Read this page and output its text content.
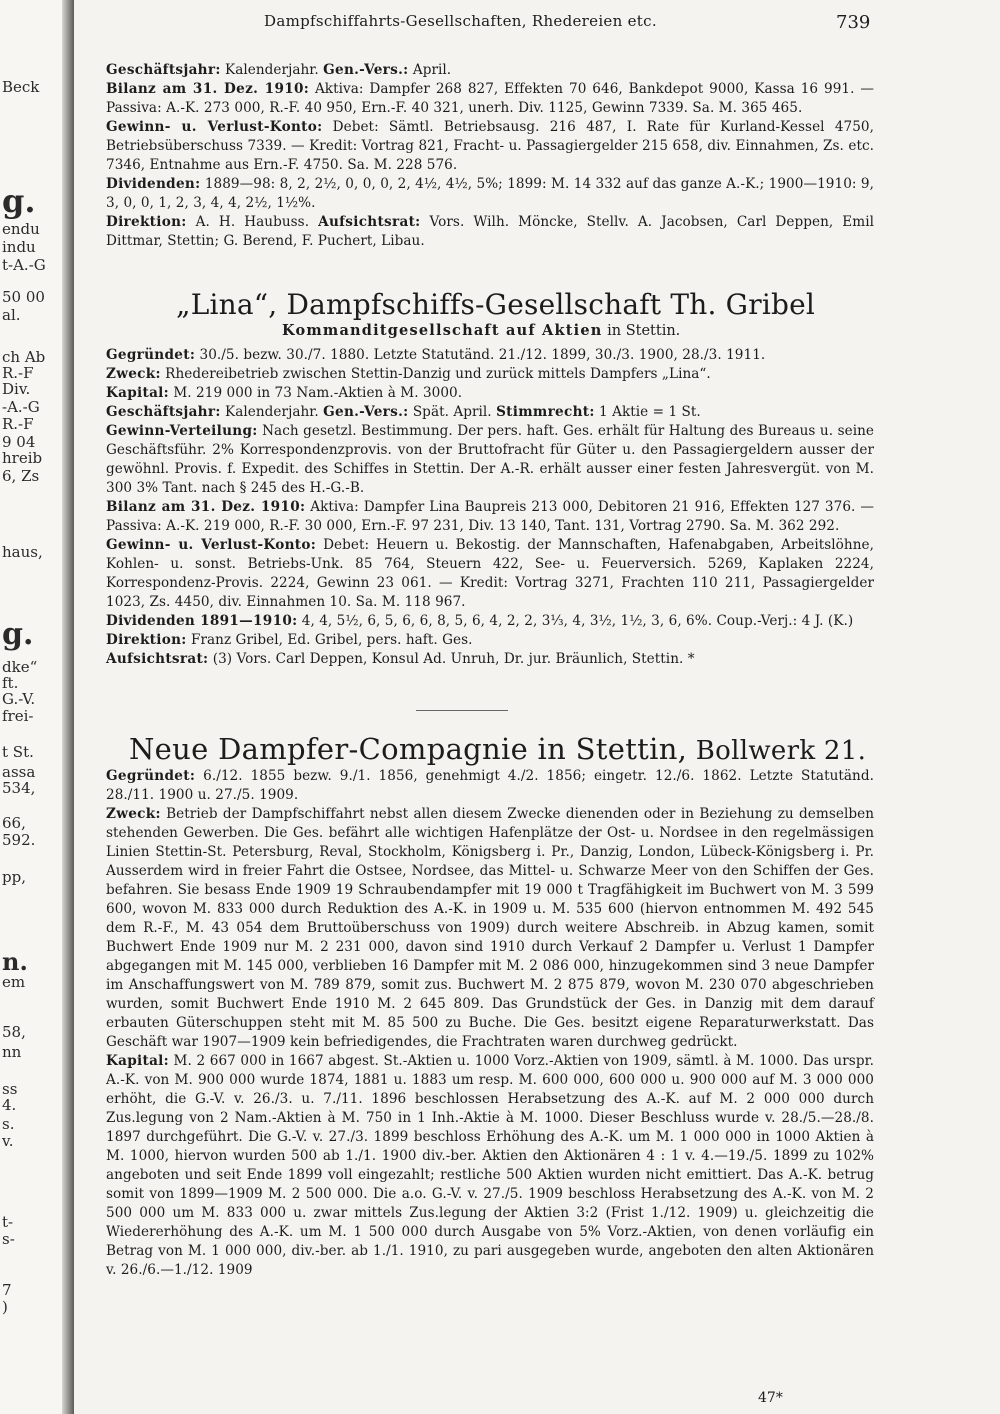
Beck
g.
endu
indu
t-A.-G
50 00
al.
ch Ab
R.-F
Div.
-A.-G
R.-F
9 04
hreib
6, Zs
haus,
g.
dke“
ft.
G.-V.
frei-
t St.
assa
534,
66,
592.
pp,
n.
em
58,
nn
ss
4.
s.
v.
t-
s-
7
)
Dampfschiffahrts-Gesellschaften, Rhedereien etc.	739

Geschäftsjahr: Kalenderjahr. Gen.-Vers.: April.
Bilanz am 31. Dez. 1910: Aktiva: Dampfer 268 827, Effekten 70 646, Bankdepot 9000, Kassa 16 991. — Passiva: A.-K. 273 000, R.-F. 40 950, Ern.-F. 40 321, unerh. Div. 1125, Gewinn 7339. Sa. M. 365 465.
Gewinn- u. Verlust-Konto: Debet: Sämtl. Betriebsausg. 216 487, I. Rate für Kurland-Kessel 4750, Betriebsüberschuss 7339. — Kredit: Vortrag 821, Fracht- u. Passagiergelder 215 658, div. Einnahmen, Zs. etc. 7346, Entnahme aus Ern.-F. 4750. Sa. M. 228 576.
Dividenden: 1889—98: 8, 2, 2½, 0, 0, 0, 2, 4½, 4½, 5%; 1899: M. 14 332 auf das ganze A.-K.; 1900—1910: 9, 3, 0, 0, 1, 2, 3, 4, 4, 2½, 1½%.
Direktion: A. H. Haubuss. Aufsichtsrat: Vors. Wilh. Möncke, Stellv. A. Jacobsen, Carl Deppen, Emil Dittmar, Stettin; G. Berend, F. Puchert, Libau.

„Lina“, Dampfschiffs-Gesellschaft Th. Gribel
Kommanditgesellschaft auf Aktien in Stettin.

Gegründet: 30./5. bezw. 30./7. 1880. Letzte Statutänd. 21./12. 1899, 30./3. 1900, 28./3. 1911.
Zweck: Rhedereibetrieb zwischen Stettin-Danzig und zurück mittels Dampfers „Lina“.
Kapital: M. 219 000 in 73 Nam.-Aktien à M. 3000.
Geschäftsjahr: Kalenderjahr. Gen.-Vers.: Spät. April. Stimmrecht: 1 Aktie = 1 St.
Gewinn-Verteilung: Nach gesetzl. Bestimmung. Der pers. haft. Ges. erhält für Haltung des Bureaus u. seine Geschäftsführ. 2% Korrespondenzprovis. von der Bruttofracht für Güter u. den Passagiergeldern ausser der gewöhnl. Provis. f. Expedit. des Schiffes in Stettin. Der A.-R. erhält ausser einer festen Jahresvergüt. von M. 300 3% Tant. nach § 245 des H.-G.-B.
Bilanz am 31. Dez. 1910: Aktiva: Dampfer Lina Baupreis 213 000, Debitoren 21 916, Effekten 127 376. — Passiva: A.-K. 219 000, R.-F. 30 000, Ern.-F. 97 231, Div. 13 140, Tant. 131, Vortrag 2790. Sa. M. 362 292.
Gewinn- u. Verlust-Konto: Debet: Heuern u. Bekostig. der Mannschaften, Hafenabgaben, Arbeitslöhne, Kohlen- u. sonst. Betriebs-Unk. 85 764, Steuern 422, See- u. Feuerversich. 5269, Kaplaken 2224, Korrespondenz-Provis. 2224, Gewinn 23 061. — Kredit: Vortrag 3271, Frachten 110 211, Passagiergelder 1023, Zs. 4450, div. Einnahmen 10. Sa. M. 118 967.
Dividenden 1891—1910: 4, 4, 5½, 6, 5, 6, 6, 8, 5, 6, 4, 2, 2, 3⅓, 4, 3½, 1½, 3, 6, 6%. Coup.-Verj.: 4 J. (K.)
Direktion: Franz Gribel, Ed. Gribel, pers. haft. Ges.
Aufsichtsrat: (3) Vors. Carl Deppen, Konsul Ad. Unruh, Dr. jur. Bräunlich, Stettin. *

Neue Dampfer-Compagnie in Stettin, Bollwerk 21.

Gegründet: 6./12. 1855 bezw. 9./1. 1856, genehmigt 4./2. 1856; eingetr. 12./6. 1862. Letzte Statutänd. 28./11. 1900 u. 27./5. 1909.
Zweck: Betrieb der Dampfschiffahrt nebst allen diesem Zwecke dienenden oder in Beziehung zu demselben stehenden Gewerben. Die Ges. befährt alle wichtigen Hafenplätze der Ost- u. Nordsee in den regelmässigen Linien Stettin-St. Petersburg, Reval, Stockholm, Königsberg i. Pr., Danzig, London, Lübeck-Königsberg i. Pr. Ausserdem wird in freier Fahrt die Ostsee, Nordsee, das Mittel- u. Schwarze Meer von den Schiffen der Ges. befahren. Sie besass Ende 1909 19 Schraubendampfer mit 19 000 t Tragfähigkeit im Buchwert von M. 3 599 600, wovon M. 833 000 durch Reduktion des A.-K. in 1909 u. M. 535 600 (hiervon entnommen M. 492 545 dem R.-F., M. 43 054 dem Bruttoüberschuss von 1909) durch weitere Abschreib. in Abzug kamen, somit Buchwert Ende 1909 nur M. 2 231 000, davon sind 1910 durch Verkauf 2 Dampfer u. Verlust 1 Dampfer abgegangen mit M. 145 000, verblieben 16 Dampfer mit M. 2 086 000, hinzugekommen sind 3 neue Dampfer im Anschaffungswert von M. 789 879, somit zus. Buchwert M. 2 875 879, wovon M. 230 070 abgeschrieben wurden, somit Buchwert Ende 1910 M. 2 645 809. Das Grundstück der Ges. in Danzig mit dem darauf erbauten Güterschuppen steht mit M. 85 500 zu Buche. Die Ges. besitzt eigene Reparaturwerkstatt. Das Geschäft war 1907—1909 kein befriedigendes, die Frachtraten waren durchweg gedrückt.
Kapital: M. 2 667 000 in 1667 abgest. St.-Aktien u. 1000 Vorz.-Aktien von 1909, sämtl. à M. 1000. Das urspr. A.-K. von M. 900 000 wurde 1874, 1881 u. 1883 um resp. M. 600 000, 600 000 u. 900 000 auf M. 3 000 000 erhöht, die G.-V. v. 26./3. u. 7./11. 1896 beschlossen Herabsetzung des A.-K. auf M. 2 000 000 durch Zus.legung von 2 Nam.-Aktien à M. 750 in 1 Inh.-Aktie à M. 1000. Dieser Beschluss wurde v. 28./5.—28./8. 1897 durchgeführt. Die G.-V. v. 27./3. 1899 beschloss Erhöhung des A.-K. um M. 1 000 000 in 1000 Aktien à M. 1000, hiervon wurden 500 ab 1./1. 1900 div.-ber. Aktien den Aktionären 4 : 1 v. 4.—19./5. 1899 zu 102% angeboten und seit Ende 1899 voll eingezahlt; restliche 500 Aktien wurden nicht emittiert. Das A.-K. betrug somit von 1899—1909 M. 2 500 000. Die a.o. G.-V. v. 27./5. 1909 beschloss Herabsetzung des A.-K. von M. 2 500 000 um M. 833 000 u. zwar mittels Zus.legung der Aktien 3:2 (Frist 1./12. 1909) u. gleichzeitig die Wiedererhöhung des A.-K. um M. 1 500 000 durch Ausgabe von 5% Vorz.-Aktien, von denen vorläufig ein Betrag von M. 1 000 000, div.-ber. ab 1./1. 1910, zu pari ausgegeben wurde, angeboten den alten Aktionären v. 26./6.—1./12. 1909

47*
